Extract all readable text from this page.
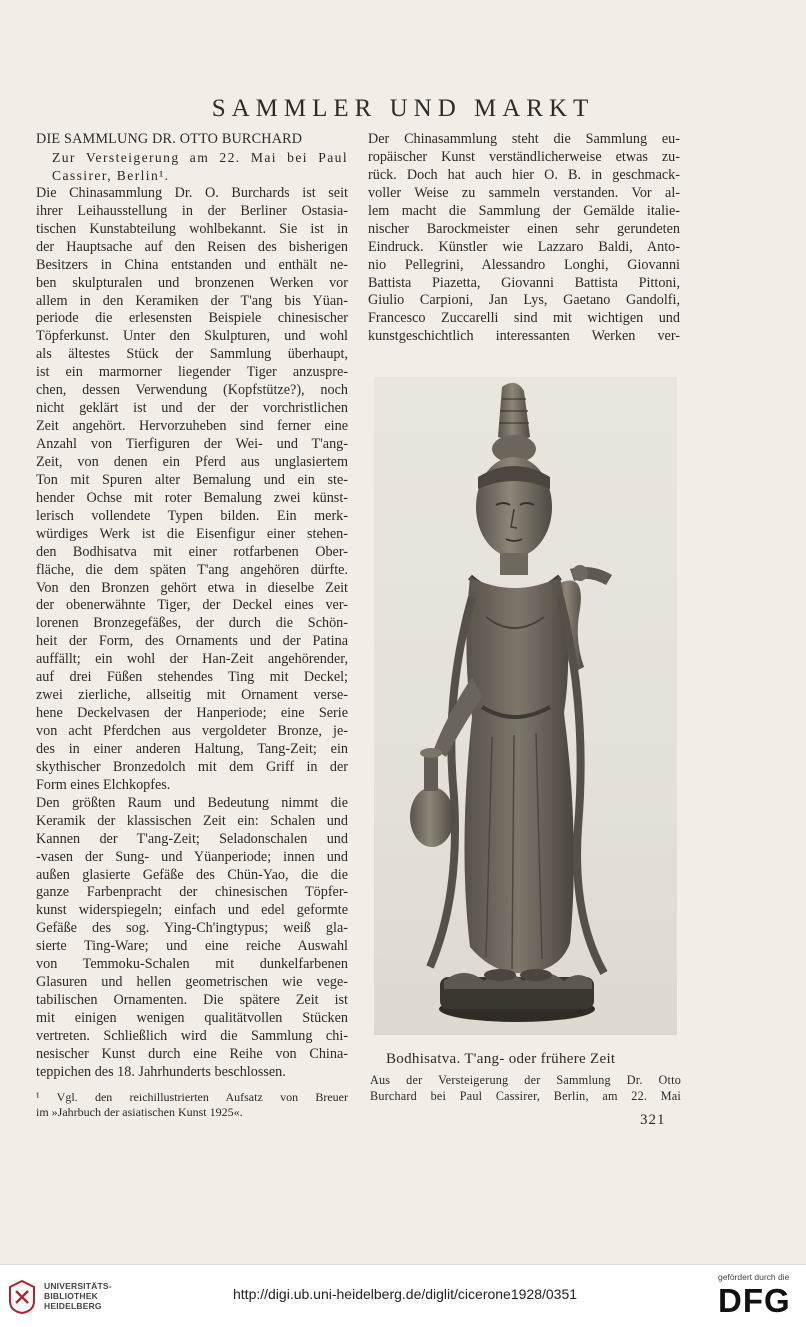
SAMMLER UND MARKT
DIE SAMMLUNG DR. OTTO BURCHARD
Zur Versteigerung am 22. Mai bei Paul
Cassirer, Berlin¹.
Die Chinasammlung Dr. O. Burchards ist seit
ihrer Leihausstellung in der Berliner Ostasia-
tischen Kunstabteilung wohlbekannt. Sie ist in
der Hauptsache auf den Reisen des bisherigen
Besitzers in China entstanden und enthält ne-
ben skulpturalen und bronzenen Werken vor
allem in den Keramiken der T'ang bis Yüan-
periode die erlesensten Beispiele chinesischer
Töpferkunst. Unter den Skulpturen, und wohl
als ältestes Stück der Sammlung überhaupt,
ist ein marmorner liegender Tiger anzuspre-
chen, dessen Verwendung (Kopfstütze?), noch
nicht geklärt ist und der der vorchristlichen
Zeit angehört. Hervorzuheben sind ferner eine
Anzahl von Tierfiguren der Wei- und T'ang-
Zeit, von denen ein Pferd aus unglasiertem
Ton mit Spuren alter Bemalung und ein ste-
hender Ochse mit roter Bemalung zwei künst-
lerisch vollendete Typen bilden. Ein merk-
würdiges Werk ist die Eisenfigur einer stehen-
den Bodhisatva mit einer rotfarbenen Ober-
fläche, die dem späten T'ang angehören dürfte.
Von den Bronzen gehört etwa in dieselbe Zeit
der obenerwähnte Tiger, der Deckel eines ver-
lorenen Bronzegefäßes, der durch die Schön-
heit der Form, des Ornaments und der Patina
auffällt; ein wohl der Han-Zeit angehörender,
auf drei Füßen stehendes Ting mit Deckel;
zwei zierliche, allseitig mit Ornament verse-
hene Deckelvasen der Hanperiode; eine Serie
von acht Pferdchen aus vergoldeter Bronze, je-
des in einer anderen Haltung, Tang-Zeit; ein
skythischer Bronzedolch mit dem Griff in der
Form eines Elchkopfes.
Den größten Raum und Bedeutung nimmt die
Keramik der klassischen Zeit ein: Schalen und
Kannen der T'ang-Zeit; Seladonschalen und
-vasen der Sung- und Yüanperiode; innen und
außen glasierte Gefäße des Chün-Yao, die die
ganze Farbenpracht der chinesischen Töpfer-
kunst widerspiegeln; einfach und edel geformte
Gefäße des sog. Ying-Ch'ingtypus; weiß gla-
sierte Ting-Ware; und eine reiche Auswahl
von Temmoku-Schalen mit dunkelfarbenen
Glasuren und hellen geometrischen wie vege-
tabilischen Ornamenten. Die spätere Zeit ist
mit einigen wenigen qualitätvollen Stücken
vertreten. Schließlich wird die Sammlung chi-
nesischer Kunst durch eine Reihe von China-
teppichen des 18. Jahrhunderts beschlossen.
¹ Vgl. den reichillustrierten Aufsatz von Breuer
im »Jahrbuch der asiatischen Kunst 1925«.
Der Chinasammlung steht die Sammlung eu-
ropäischer Kunst verständlicherweise etwas zu-
rück. Doch hat auch hier O. B. in geschmack-
voller Weise zu sammeln verstanden. Vor al-
lem macht die Sammlung der Gemälde italie-
nischer Barockmeister einen sehr gerundeten
Eindruck. Künstler wie Lazzaro Baldi, Anto-
nio Pellegrini, Alessandro Longhi, Giovanni
Battista Piazetta, Giovanni Battista Pittoni,
Giulio Carpioni, Jan Lys, Gaetano Gandolfi,
Francesco Zuccarelli sind mit wichtigen und
kunstgeschichtlich interessanten Werken ver-
Bodhisatva. T'ang- oder frühere Zeit
Aus der Versteigerung der Sammlung Dr. Otto
Burchard bei Paul Cassirer, Berlin, am 22. Mai
321
UNIVERSITÄTS-
BIBLIOTHEK
HEIDELBERG
http://digi.ub.uni-heidelberg.de/diglit/cicerone1928/0351
gefördert durch die
DFG
